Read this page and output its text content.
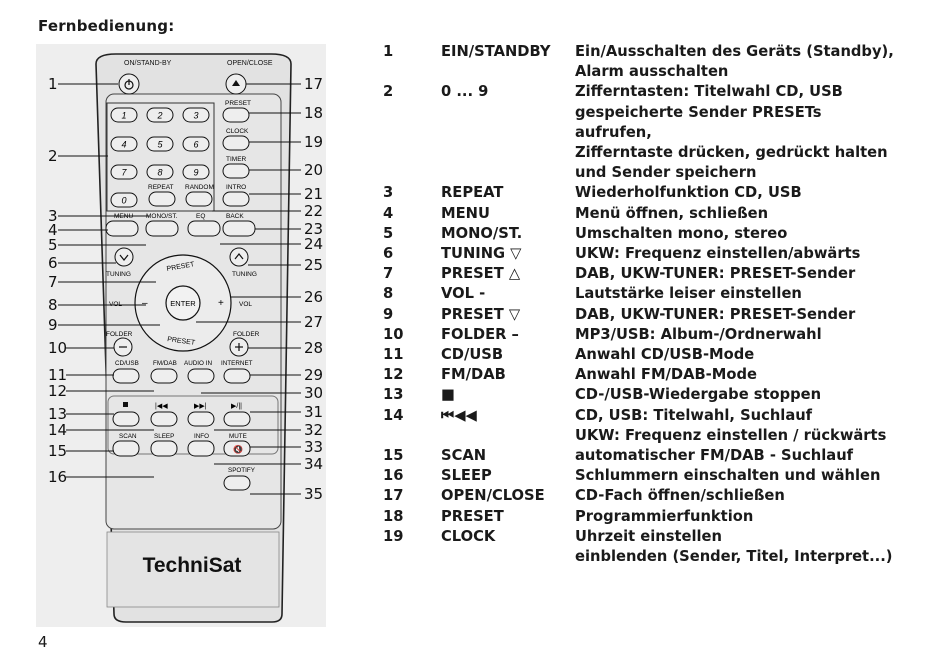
Fernbedienung:
TechniSat
ON/STAND-BY	OPEN/CLOSE
1	2	3
4	5	6
7	8	9
0
PRESET
CLOCK
TIMER
INTRO
REPEAT RANDOM
MENU MONO/ST.	EQ	BACK
TUNING	TUNING
ENTER
PRESET
PRESET
–	+
VOL	VOL
FOLDER	FOLDER
CD/USB FM/DAB AUDIO IN INTERNET
|◀◀	▶▶|	▶/||
SCAN	SLEEP	INFO	MUTE
🔇
SPOTIFY
1
2
3
4
5
6
7
8
9
10
11
12
13
14
15
16
17
18
19
20
21
22
23
24
25
26
27
28
29
30
31
32
33
34
35
1	EIN/STANDBY	Ein/Ausschalten des Geräts (Standby),
Alarm ausschalten
2	0 ... 9	Zifferntasten: Titelwahl CD, USB
gespeicherte Sender PRESETs
aufrufen,
Zifferntaste drücken, gedrückt halten
und Sender speichern
3	REPEAT	Wiederholfunktion CD, USB
4	MENU	Menü öffnen, schließen
5	MONO/ST.	Umschalten mono, stereo
6	TUNING ▽	UKW: Frequenz einstellen/abwärts
7	PRESET △	DAB, UKW-TUNER: PRESET-Sender
8	VOL -	Lautstärke leiser einstellen
9	PRESET ▽	DAB, UKW-TUNER: PRESET-Sender
10	FOLDER –	MP3/USB: Album-/Ordnerwahl
11	CD/USB	Anwahl CD/USB-Mode
12	FM/DAB	Anwahl FM/DAB-Mode
13	■	CD-/USB-Wiedergabe stoppen
14	⏮◀◀	CD, USB: Titelwahl, Suchlauf
UKW: Frequenz einstellen / rückwärts
15	SCAN	automatischer FM/DAB - Suchlauf
16	SLEEP	Schlummern einschalten und wählen
17	OPEN/CLOSE	CD-Fach öffnen/schließen
18	PRESET	Programmierfunktion
19	CLOCK	Uhrzeit einstellen
einblenden (Sender, Titel, Interpret...)
4
